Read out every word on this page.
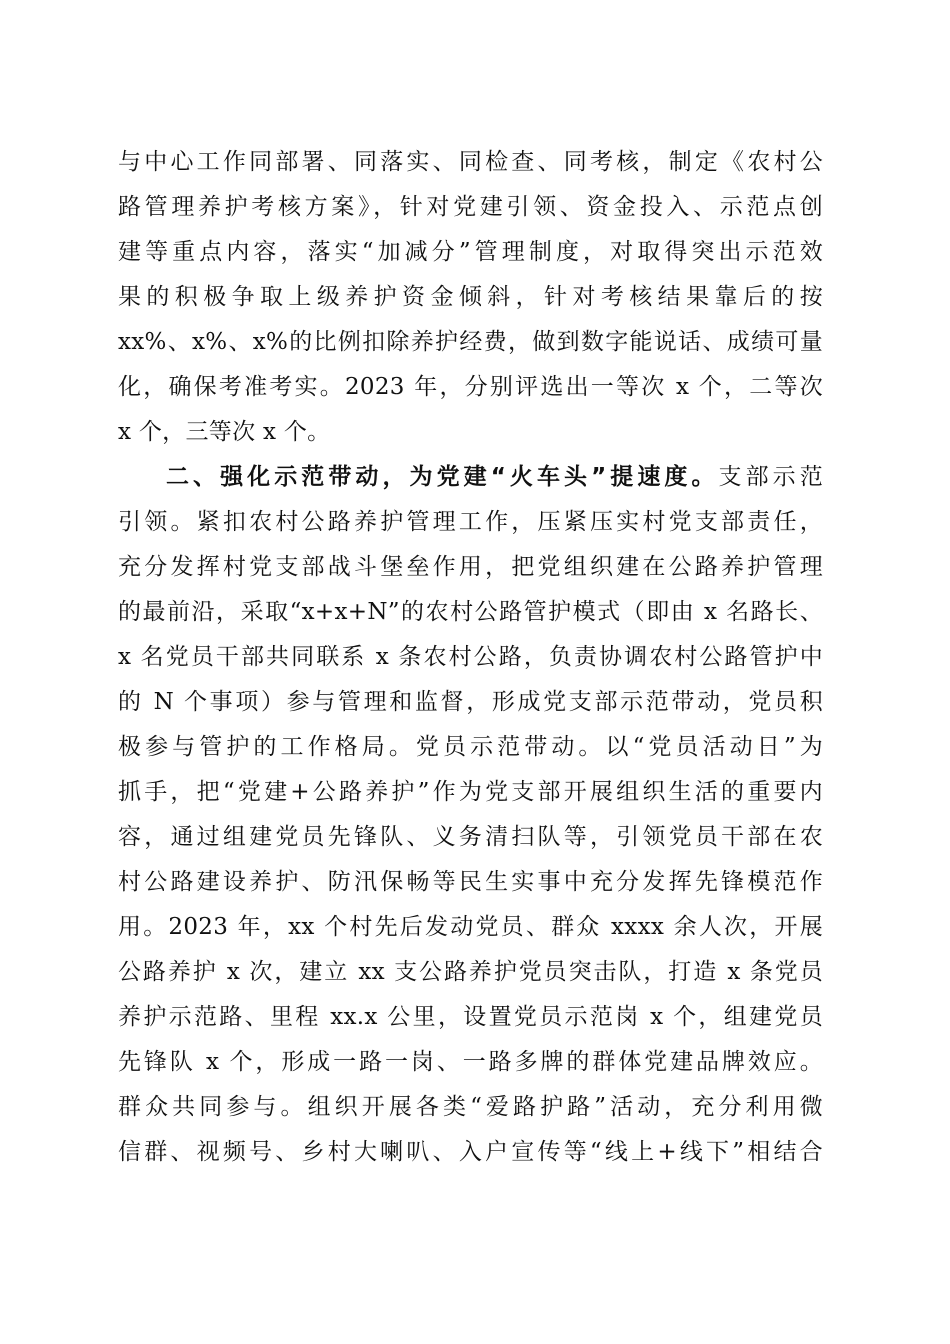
与中心工作同部署、同落实、同检查、同考核，制定《农村公
路管理养护考核方案》，针对党建引领、资金投入、示范点创
建等重点内容，落实“加减分”管理制度，对取得突出示范效
果的积极争取上级养护资金倾斜，针对考核结果靠后的按
xx%、x%、x%的比例扣除养护经费，做到数字能说话、成绩可量
化，确保考准考实。2023 年，分别评选出一等次 x 个，二等次
x 个，三等次 x 个。
二、强化示范带动，为党建“火车头”提速度。支部示范
引领。紧扣农村公路养护管理工作，压紧压实村党支部责任，
充分发挥村党支部战斗堡垒作用，把党组织建在公路养护管理
的最前沿，采取“x+x+N”的农村公路管护模式（即由 x 名路长、
x 名党员干部共同联系 x 条农村公路，负责协调农村公路管护中
的 N 个事项）参与管理和监督，形成党支部示范带动，党员积
极参与管护的工作格局。党员示范带动。以“党员活动日”为
抓手，把“党建+公路养护”作为党支部开展组织生活的重要内
容，通过组建党员先锋队、义务清扫队等，引领党员干部在农
村公路建设养护、防汛保畅等民生实事中充分发挥先锋模范作
用。2023 年，xx 个村先后发动党员、群众 xxxx 余人次，开展
公路养护 x 次，建立 xx 支公路养护党员突击队，打造 x 条党员
养护示范路、里程 xx.x 公里，设置党员示范岗 x 个，组建党员
先锋队 x 个，形成一路一岗、一路多牌的群体党建品牌效应。
群众共同参与。组织开展各类“爱路护路”活动，充分利用微
信群、视频号、乡村大喇叭、入户宣传等“线上+线下”相结合
